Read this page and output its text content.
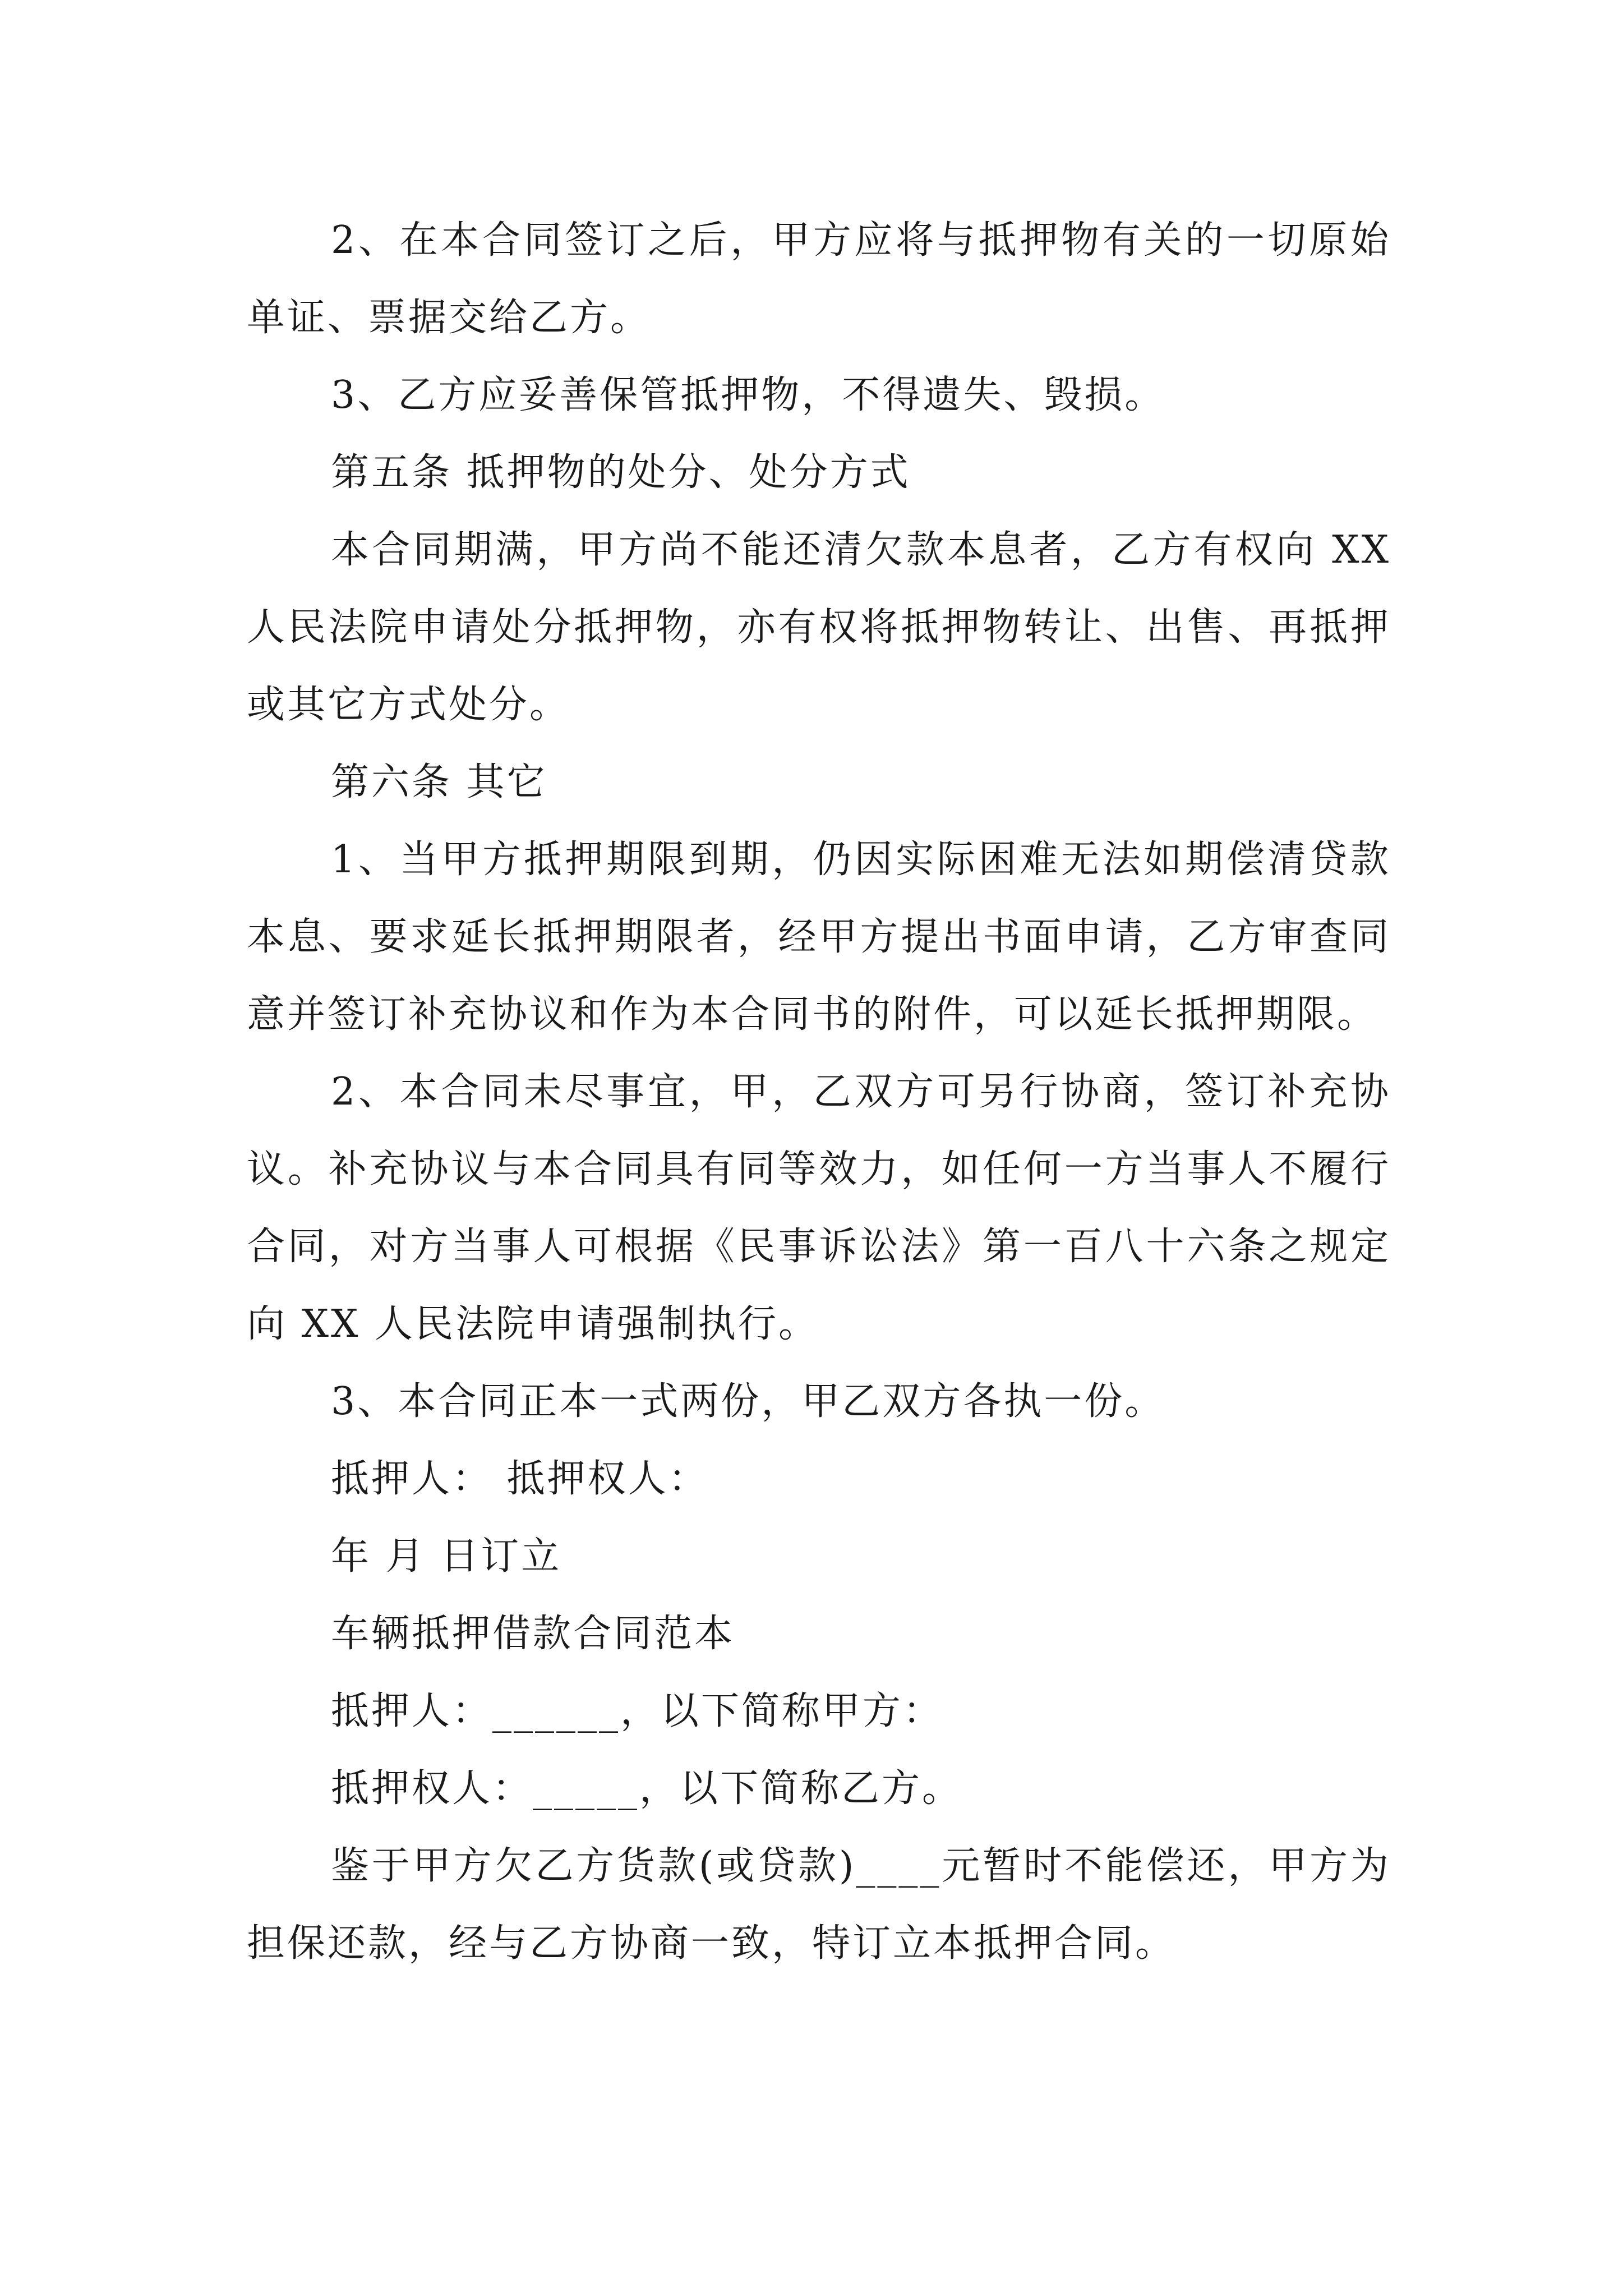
2、在本合同签订之后，甲方应将与抵押物有关的一切原始单证、票据交给乙方。

3、乙方应妥善保管抵押物，不得遗失、毁损。

第五条 抵押物的处分、处分方式

本合同期满，甲方尚不能还清欠款本息者，乙方有权向 XX 人民法院申请处分抵押物，亦有权将抵押物转让、出售、再抵押或其它方式处分。

第六条 其它

1、当甲方抵押期限到期，仍因实际困难无法如期偿清贷款本息、要求延长抵押期限者，经甲方提出书面申请，乙方审查同意并签订补充协议和作为本合同书的附件，可以延长抵押期限。

2、本合同未尽事宜，甲，乙双方可另行协商，签订补充协议。补充协议与本合同具有同等效力，如任何一方当事人不履行合同，对方当事人可根据《民事诉讼法》第一百八十六条之规定向 XX 人民法院申请强制执行。

3、本合同正本一式两份，甲乙双方各执一份。

抵押人： 抵押权人：

年 月 日订立

车辆抵押借款合同范本

抵押人：______，以下简称甲方：

抵押权人：_____，以下简称乙方。

鉴于甲方欠乙方货款(或贷款)____元暂时不能偿还，甲方为担保还款，经与乙方协商一致，特订立本抵押合同。
